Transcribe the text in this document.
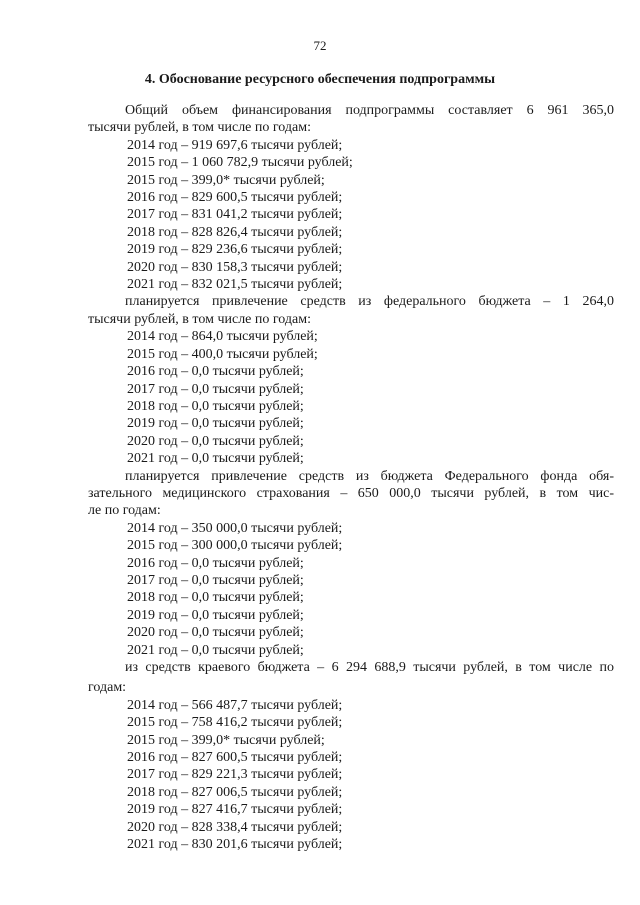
72
4. Обоснование ресурсного обеспечения подпрограммы
Общий объем финансирования подпрограммы составляет 6 961 365,0
тысячи рублей, в том числе по годам:
2014 год – 919 697,6 тысячи рублей;
2015 год – 1 060 782,9 тысячи рублей;
2015 год – 399,0* тысячи рублей;
2016 год – 829 600,5 тысячи рублей;
2017 год – 831 041,2 тысячи рублей;
2018 год – 828 826,4 тысячи рублей;
2019 год – 829 236,6 тысячи рублей;
2020 год – 830 158,3 тысячи рублей;
2021 год – 832 021,5 тысячи рублей;
планируется привлечение средств из федерального бюджета – 1 264,0
тысячи рублей, в том числе по годам:
2014 год – 864,0 тысячи рублей;
2015 год – 400,0 тысячи рублей;
2016 год – 0,0 тысячи рублей;
2017 год – 0,0 тысячи рублей;
2018 год – 0,0 тысячи рублей;
2019 год – 0,0 тысячи рублей;
2020 год – 0,0 тысячи рублей;
2021 год – 0,0 тысячи рублей;
планируется привлечение средств из бюджета Федерального фонда обя-
зательного медицинского страхования – 650 000,0 тысячи рублей, в том чис-
ле по годам:
2014 год – 350 000,0 тысячи рублей;
2015 год – 300 000,0 тысячи рублей;
2016 год – 0,0 тысячи рублей;
2017 год – 0,0 тысячи рублей;
2018 год – 0,0 тысячи рублей;
2019 год – 0,0 тысячи рублей;
2020 год – 0,0 тысячи рублей;
2021 год – 0,0 тысячи рублей;
из средств краевого бюджета – 6 294 688,9 тысячи рублей, в том числе по
годам:
2014 год – 566 487,7 тысячи рублей;
2015 год – 758 416,2 тысячи рублей;
2015 год – 399,0* тысячи рублей;
2016 год – 827 600,5 тысячи рублей;
2017 год – 829 221,3 тысячи рублей;
2018 год – 827 006,5 тысячи рублей;
2019 год – 827 416,7 тысячи рублей;
2020 год – 828 338,4 тысячи рублей;
2021 год – 830 201,6 тысячи рублей;
